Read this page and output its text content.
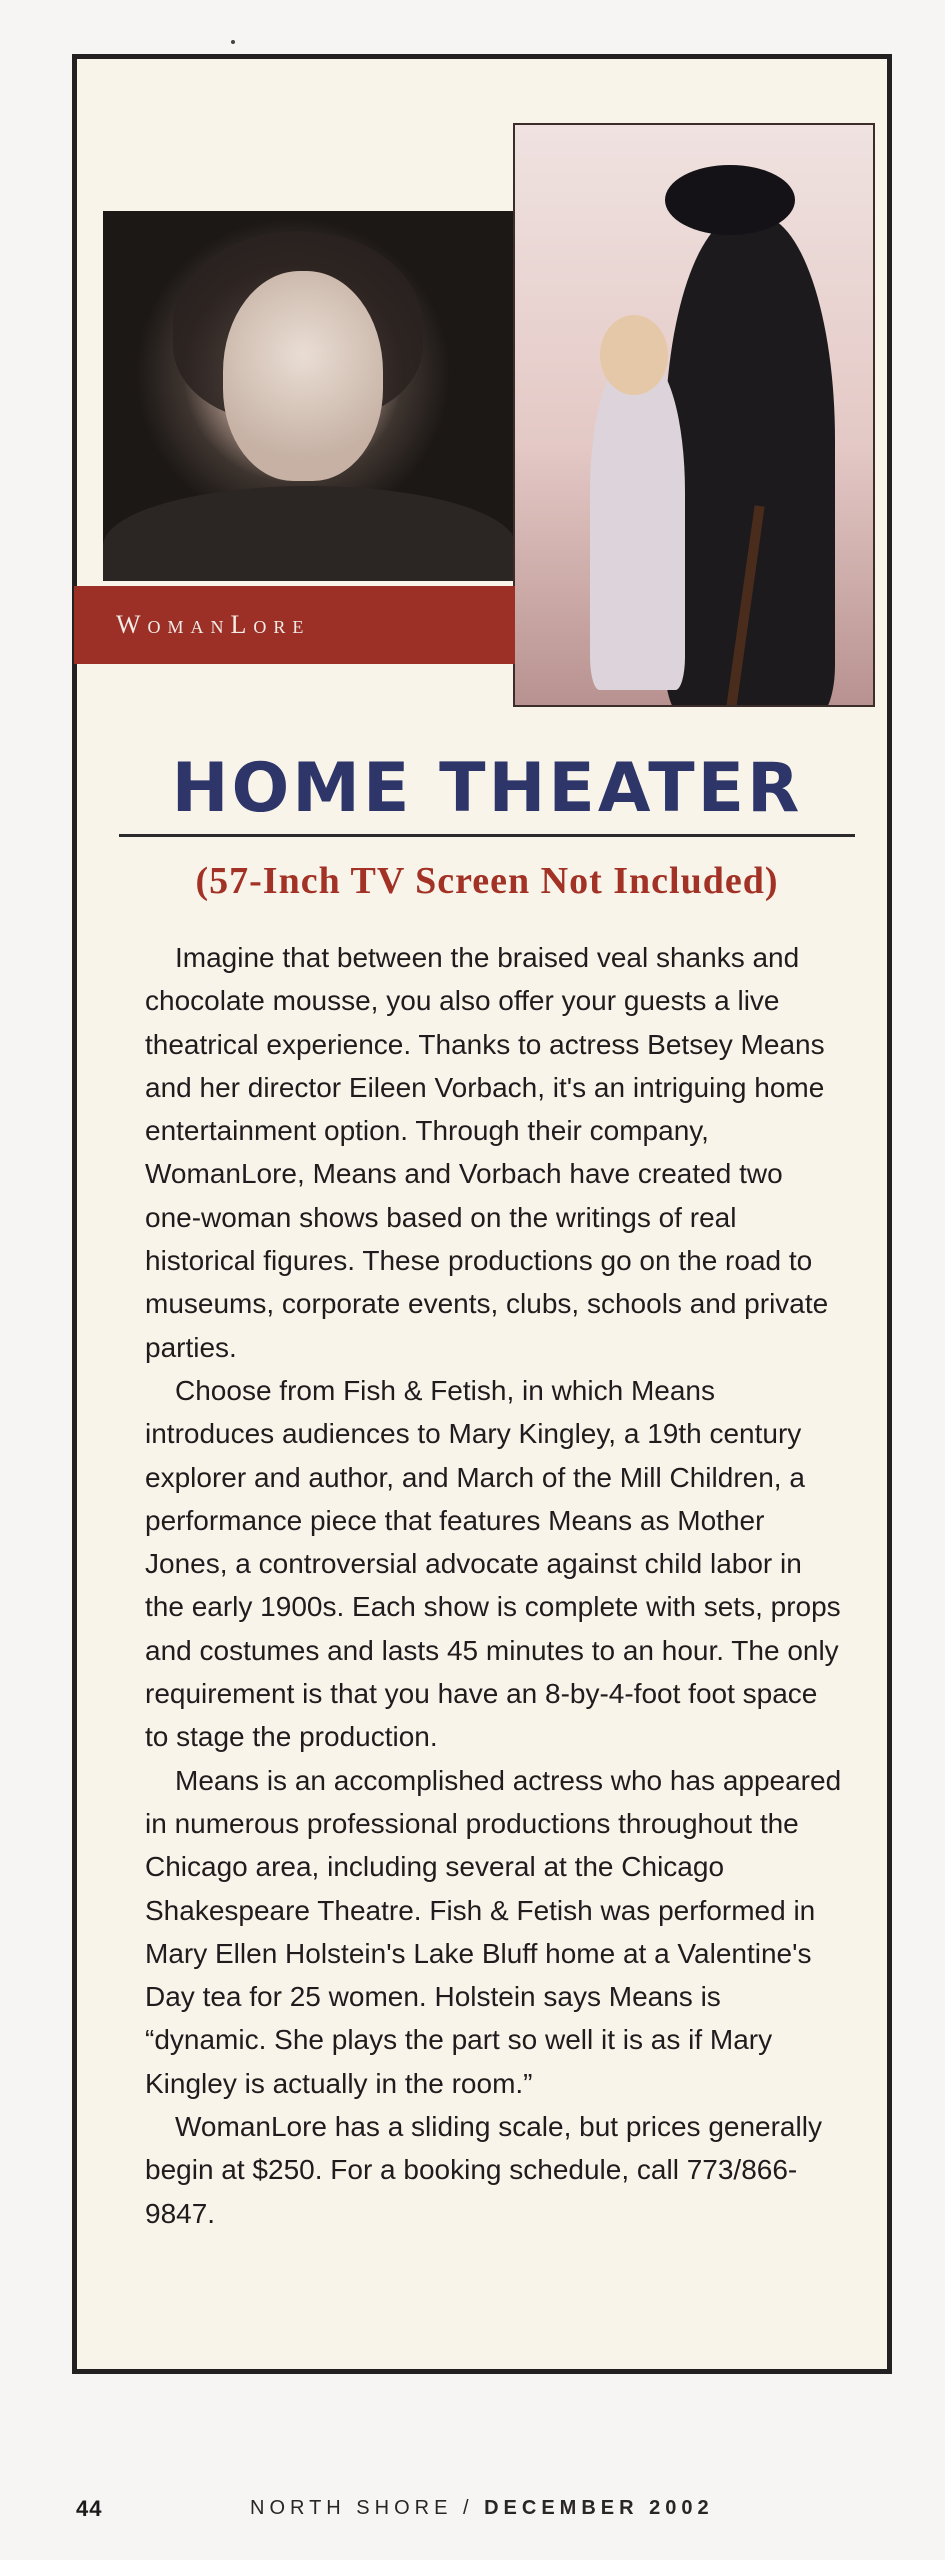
WomanLore
HOME THEATER
(57-Inch TV Screen Not Included)

Imagine that between the braised veal shanks and chocolate mousse, you also offer your guests a live theatrical experience. Thanks to actress Betsey Means and her director Eileen Vorbach, it's an intriguing home entertainment option. Through their company, WomanLore, Means and Vorbach have created two one-woman shows based on the writings of real historical figures. These productions go on the road to museums, corporate events, clubs, schools and private parties.

Choose from Fish & Fetish, in which Means introduces audiences to Mary Kingley, a 19th century explorer and author, and March of the Mill Children, a performance piece that features Means as Mother Jones, a controversial advocate against child labor in the early 1900s. Each show is complete with sets, props and costumes and lasts 45 minutes to an hour. The only requirement is that you have an 8-by-4-foot foot space to stage the production.

Means is an accomplished actress who has appeared in numerous professional productions throughout the Chicago area, including several at the Chicago Shakespeare Theatre. Fish & Fetish was performed in Mary Ellen Holstein's Lake Bluff home at a Valentine's Day tea for 25 women. Holstein says Means is “dynamic. She plays the part so well it is as if Mary Kingley is actually in the room.”

WomanLore has a sliding scale, but prices generally begin at $250. For a booking schedule, call 773/866-9847.

44	NORTH SHORE / DECEMBER 2002
